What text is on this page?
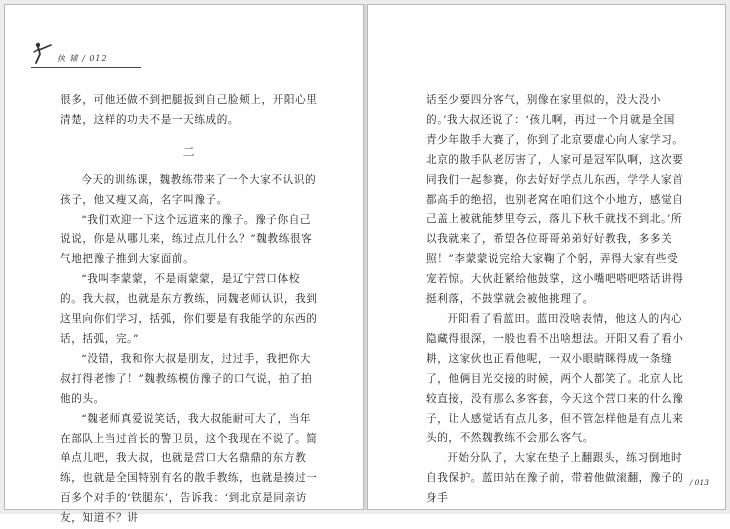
执 辅 / 012

很多，可他还做不到把腿扳到自己脸颊上，开阳心里清楚，这样的功夫不是一天练成的。

二

今天的训练课，魏教练带来了一个大家不认识的孩子，他又瘦又高，名字叫豫子。

“我们欢迎一下这个远道来的豫子。豫子你自己说说，你是从哪儿来，练过点儿什么？”魏教练很客气地把豫子推到大家面前。

“我叫李蒙蒙，不是雨蒙蒙，是辽宁营口体校的。我大叔，也就是东方教练，同魏老师认识，我到这里向你们学习，括弧，你们要是有我能学的东西的话，括弧，完。”

“没错，我和你大叔是朋友，过过手，我把你大叔打得老惨了！”魏教练模仿豫子的口气说，拍了拍他的头。

“魏老师真爱说笑话，我大叔能耐可大了，当年在部队上当过首长的警卫员，这个我现在不说了。简单点儿吧，我大叔，也就是营口大名鼎鼎的东方教练，也就是全国特别有名的散手教练，也就是揍过一百多个对手的‘铁腿东’，告诉我：‘到北京是同亲访友，知道不？讲

话至少要四分客气，别像在家里似的，没大没小的。’我大叔还说了：‘孩儿啊，再过一个月就是全国青少年散手大赛了，你到了北京要虚心向人家学习。北京的散手队老厉害了，人家可是冠军队啊，这次要同我们一起参赛，你去好好学点儿东西，学学人家首都高手的绝招，也别老窝在咱们这个小地方，感觉自己盖上被就能梦里夸云，落儿下秋千就找不到北。’所以我就来了，希望各位哥哥弟弟好好教我，多多关照！”李蒙蒙说完给大家鞠了个躬，弄得大家有些受宠若惊。大伙赶紧给他鼓掌，这小嘴吧嗒吧嗒话讲得挺利落，不鼓掌就会被他挑理了。

开阳看了看蓝田。蓝田没啥表情，他这人的内心隐藏得很深，一般也看不出啥想法。开阳又看了看小耕，这家伙也正看他呢，一双小眼睛眯得成一条缝了，他俩目光交接的时候，两个人都笑了。北京人比较直接，没有那么多客套，今天这个营口来的什么豫子，让人感觉话有点儿多，但不管怎样他是有点儿来头的，不然魏教练不会那么客气。

开始分队了，大家在垫子上翻跟头，练习倒地时自我保护。蓝田站在豫子前，带着他做滚翻，豫子的身手

/ 013
